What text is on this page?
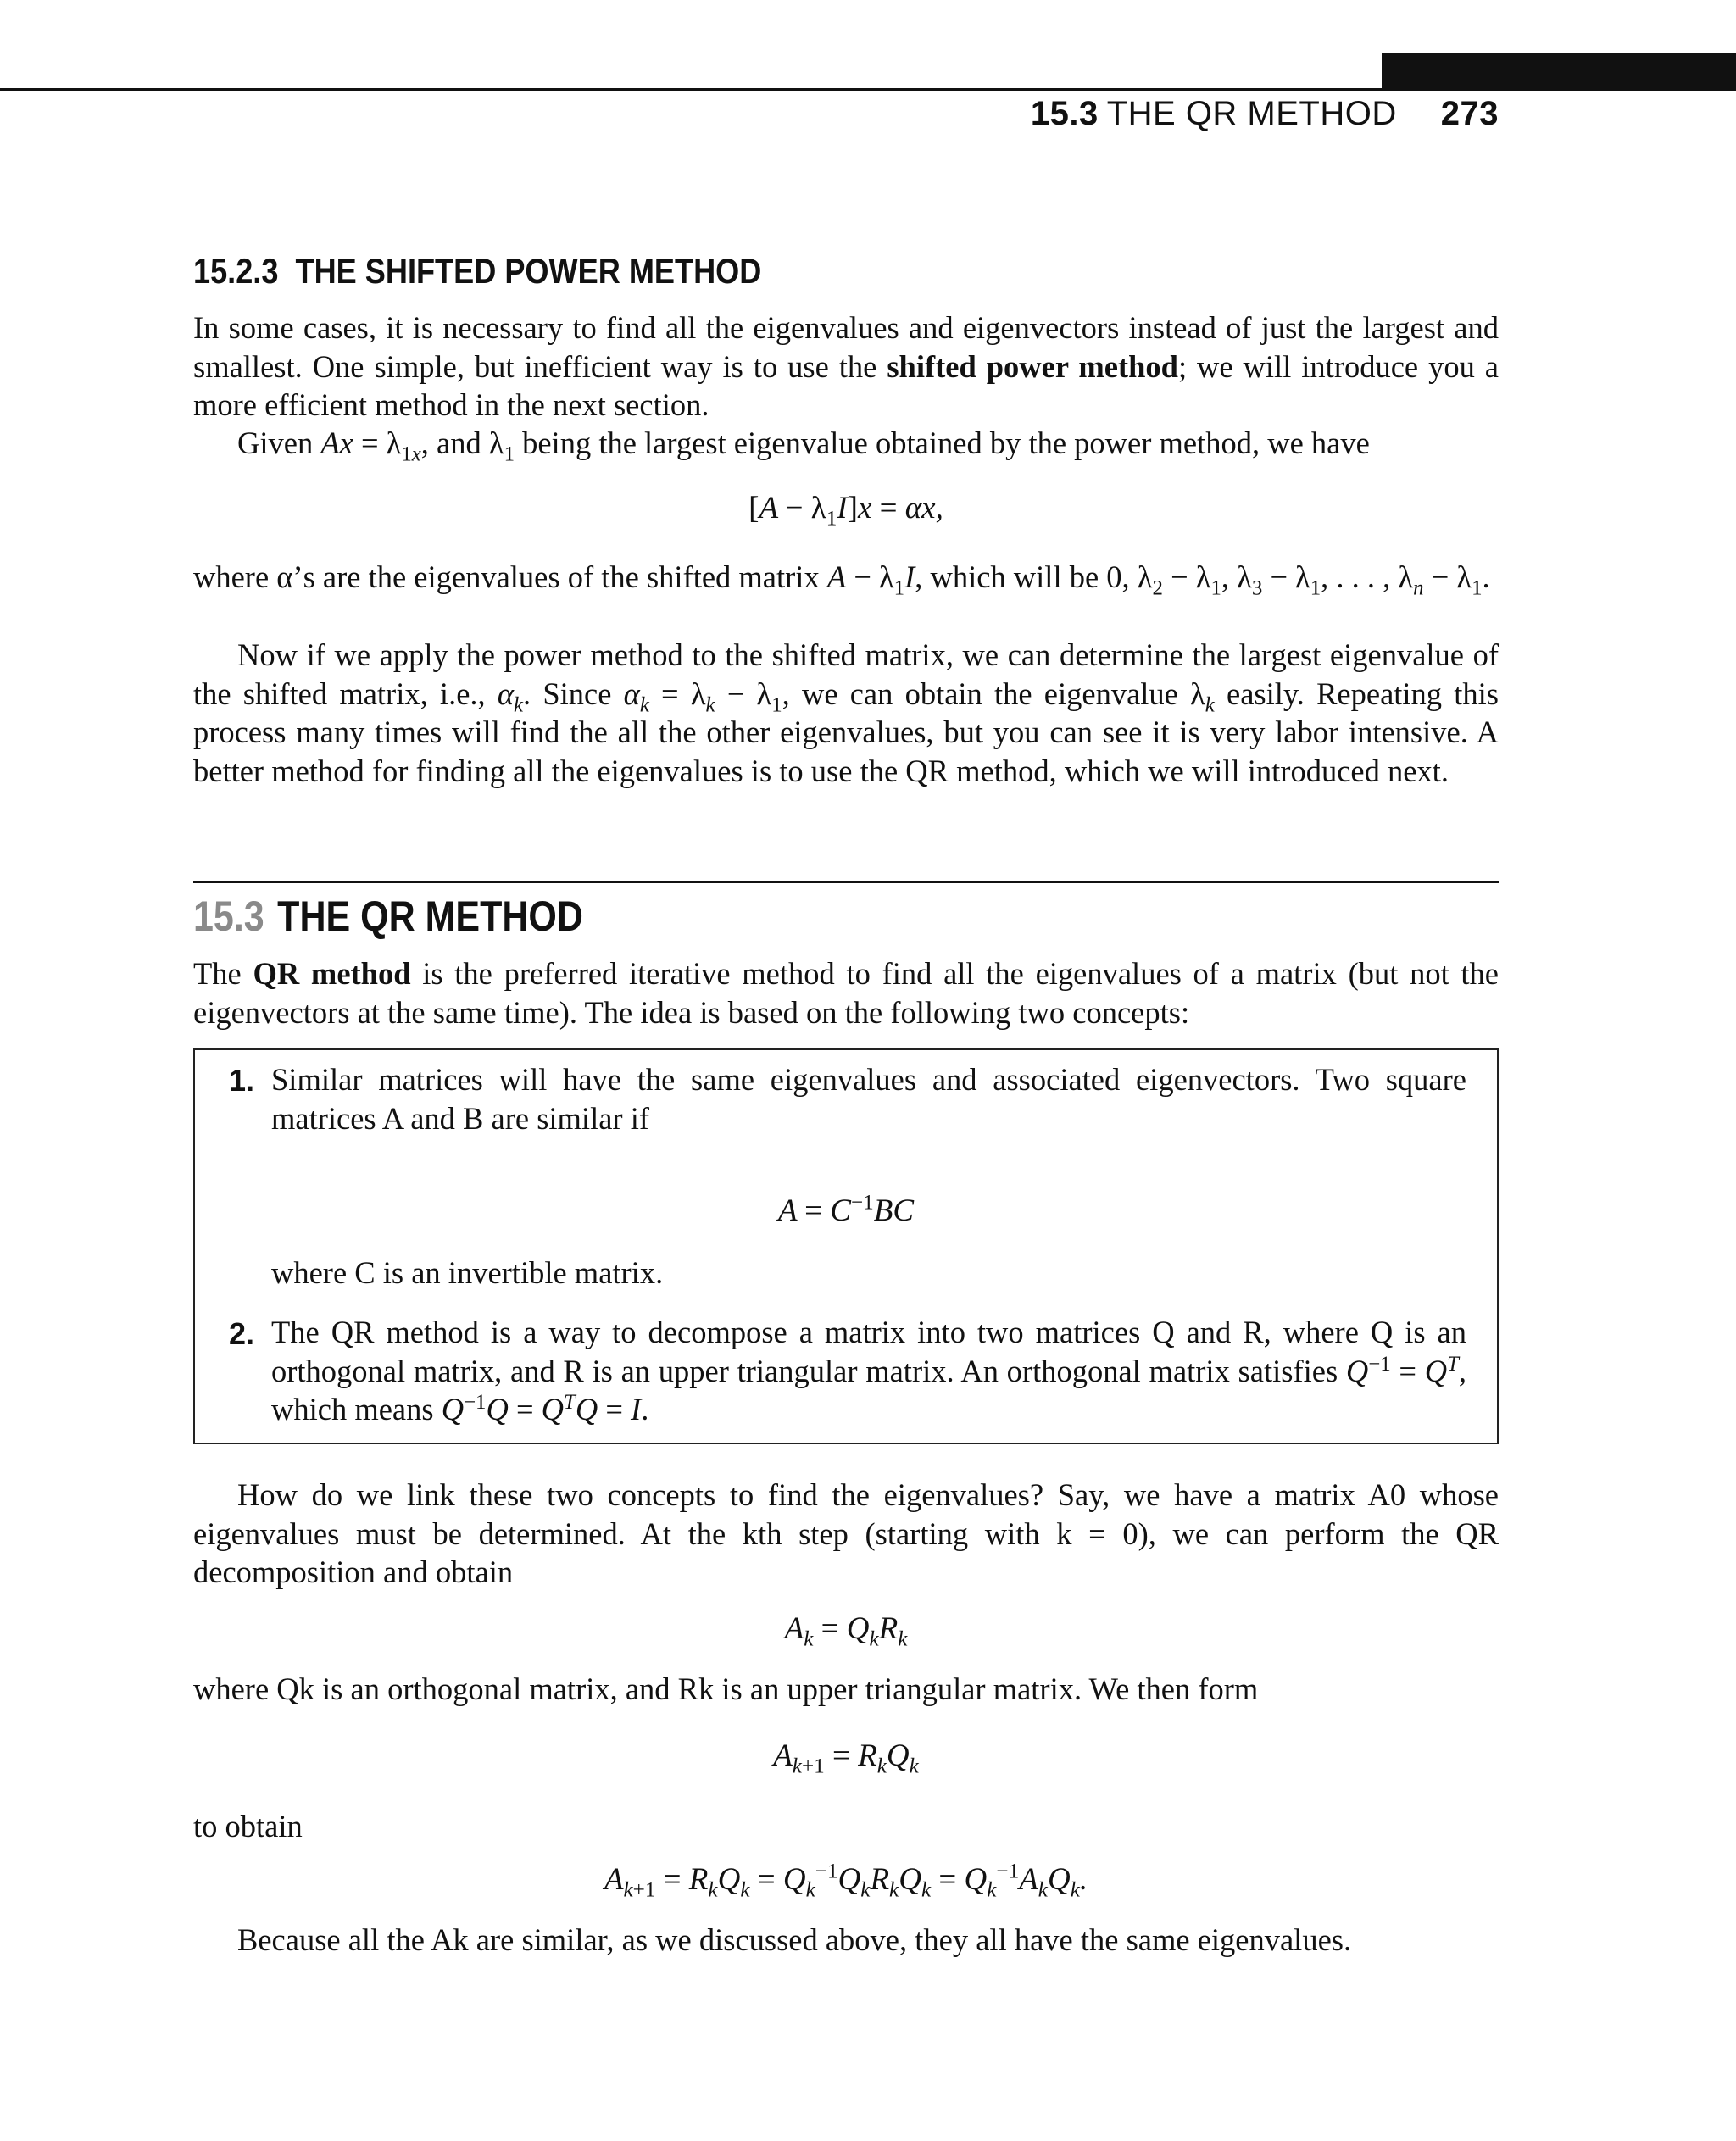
15.3 THE QR METHOD 273
15.2.3 THE SHIFTED POWER METHOD

In some cases, it is necessary to find all the eigenvalues and eigenvectors instead of just the largest and smallest. One simple, but inefficient way is to use the shifted power method; we will introduce you a more efficient method in the next section.

Given $Ax = \lambda_{1x}$, and $\lambda_1$ being the largest eigenvalue obtained by the power method, we have

$[A - \lambda_1I]x = \alpha x$,

where α’s are the eigenvalues of the shifted matrix $A - \lambda_1I$, which will be 0, $\lambda_2 - \lambda_1$, $\lambda_3 - \lambda_1$, . . . , $\lambda_n - \lambda_1$.

Now if we apply the power method to the shifted matrix, we can determine the largest eigenvalue of the shifted matrix, i.e., $\alpha_k$. Since $\alpha_k = \lambda_k - \lambda_1$, we can obtain the eigenvalue $\lambda_k$ easily. Repeating this process many times will find the all the other eigenvalues, but you can see it is very labor intensive. A better method for finding all the eigenvalues is to use the QR method, which we will introduced next.

15.3 THE QR METHOD

The QR method is the preferred iterative method to find all the eigenvalues of a matrix (but not the eigenvectors at the same time). The idea is based on the following two concepts:

1. Similar matrices will have the same eigenvalues and associated eigenvectors. Two square matrices A and B are similar if

$A = C^{-1}BC$

where C is an invertible matrix.

2. The QR method is a way to decompose a matrix into two matrices Q and R, where Q is an orthogonal matrix, and R is an upper triangular matrix. An orthogonal matrix satisfies $Q^{-1} = Q^T$, which means $Q^{-1}Q = Q^TQ = I$.

How do we link these two concepts to find the eigenvalues? Say, we have a matrix A0 whose eigenvalues must be determined. At the kth step (starting with k = 0), we can perform the QR decomposition and obtain

$A_k = Q_kR_k$

where Qk is an orthogonal matrix, and Rk is an upper triangular matrix. We then form

$A_{k+1} = R_kQ_k$

to obtain

$A_{k+1} = R_kQ_k = Q_k^{-1}Q_kR_kQ_k = Q_k^{-1}A_kQ_k$.

Because all the Ak are similar, as we discussed above, they all have the same eigenvalues.
